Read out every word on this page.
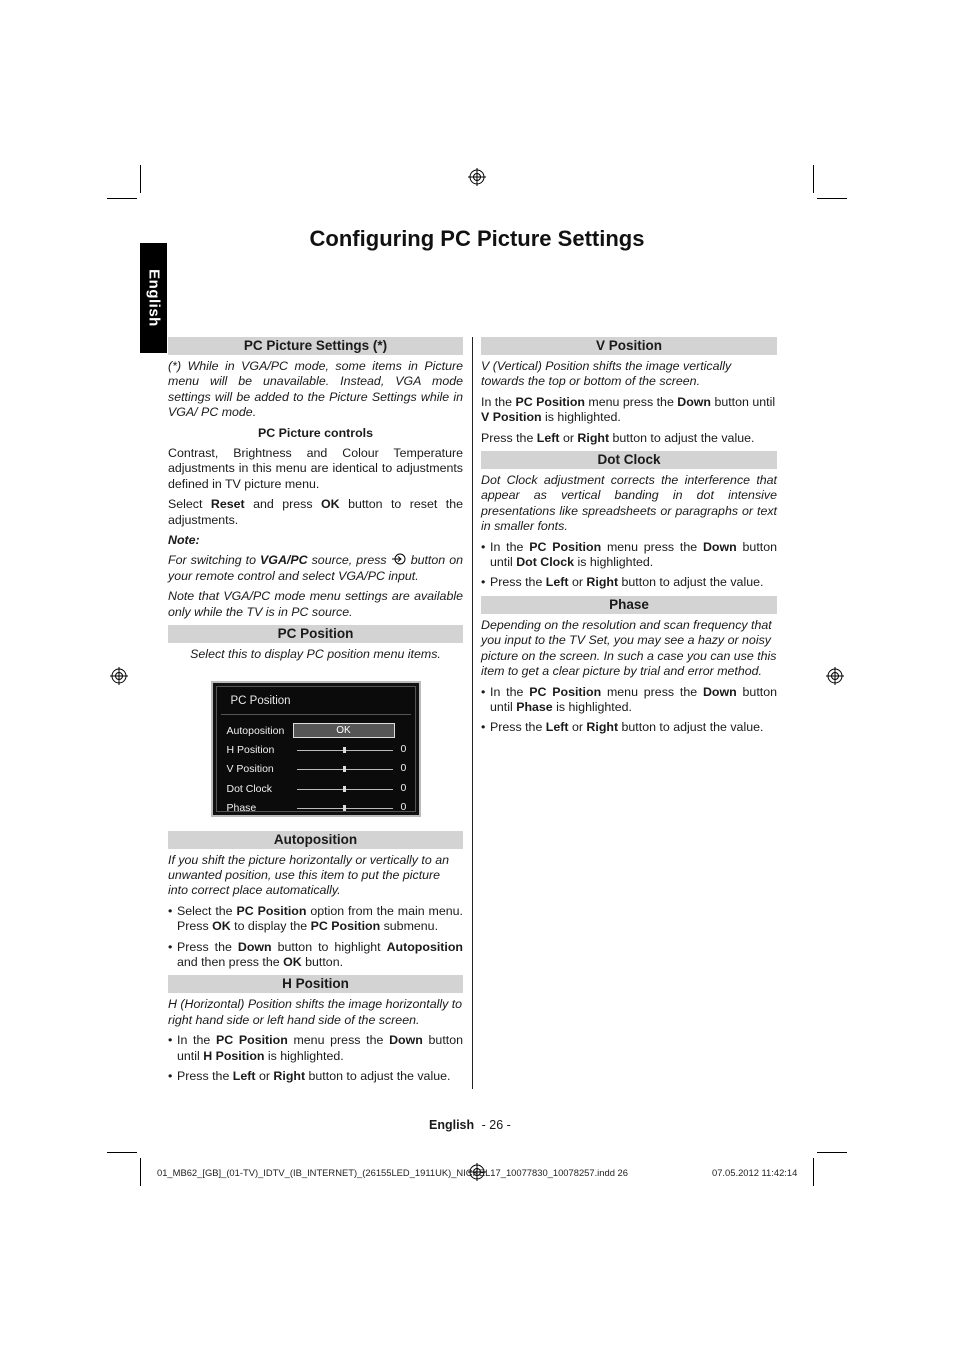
Configuring PC Picture Settings
English
PC Picture Settings (*)

(*) While in VGA/PC mode, some items in Picture menu will be unavailable. Instead, VGA mode settings will be added to the Picture Settings while in VGA/ PC mode.

PC Picture controls

Contrast, Brightness and Colour Temperature adjustments in this menu are identical to adjustments defined in TV picture menu.

Select Reset and press OK button to reset the adjustments.

Note:

For switching to VGA/PC source, press  button on your remote control and select VGA/PC input.

Note that VGA/PC mode menu settings are available only while the TV is in PC source.

PC Position

Select this to display PC position menu items.

PC Position
Autoposition	OK
H Position	0
V Position	0
Dot Clock	0
Phase	0
Autoposition

If you shift the picture horizontally or vertically to an unwanted position, use this item to put the picture into correct place automatically.

• Select the PC Position option from the main menu. Press OK to display the PC Position submenu.
• Press the Down button to highlight Autoposition and then press the OK button.
H Position

H (Horizontal) Position shifts the image horizontally to right hand side or left hand side of the screen.

• In the PC Position menu press the Down button until H Position is highlighted.
• Press the Left or Right button to adjust the value.
V Position

V (Vertical) Position shifts the image vertically towards the top or bottom of the screen.

In the PC Position menu press the Down button until V Position is highlighted.

Press the Left or Right button to adjust the value.

Dot Clock

Dot Clock adjustment corrects the interference that appear as vertical banding in dot intensive presentations like spreadsheets or paragraphs or text in smaller fonts.

• In the PC Position menu press the Down button until Dot Clock is highlighted.
• Press the Left or Right button to adjust the value.
Phase

Depending on the resolution and scan frequency that you input to the TV Set, you may see a hazy or noisy picture on the screen. In such a case you can use this item to get a clear picture by trial and error method.

• In the PC Position menu press the Down button until Phase is highlighted.
• Press the Left or Right button to adjust the value.
English - 26 -
01_MB62_[GB]_(01-TV)_IDTV_(IB_INTERNET)_(26155LED_1911UK)_NICKEL17_10077830_10078257.indd 26	07.05.2012 11:42:14
